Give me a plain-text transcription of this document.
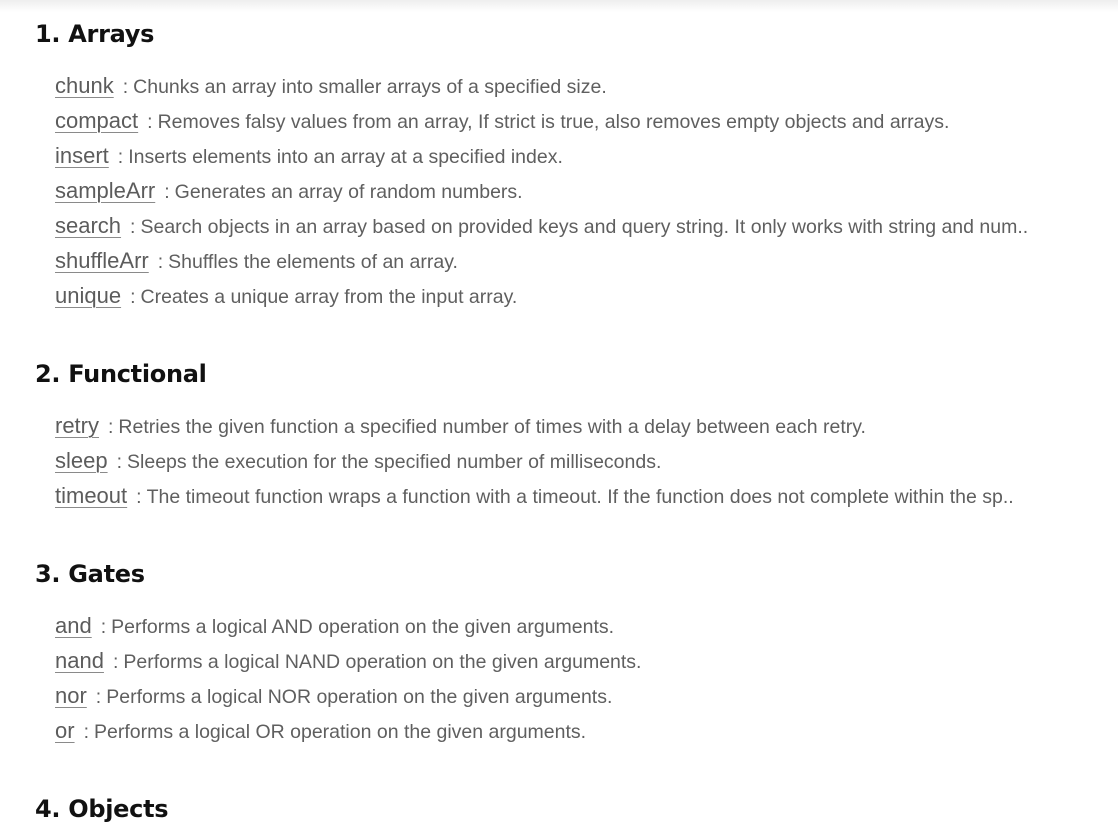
1. Arrays
chunk : Chunks an array into smaller arrays of a specified size.
compact : Removes falsy values from an array, If strict is true, also removes empty objects and arrays.
insert : Inserts elements into an array at a specified index.
sampleArr : Generates an array of random numbers.
search : Search objects in an array based on provided keys and query string. It only works with string and num..
shuffleArr : Shuffles the elements of an array.
unique : Creates a unique array from the input array.
2. Functional
retry : Retries the given function a specified number of times with a delay between each retry.
sleep : Sleeps the execution for the specified number of milliseconds.
timeout : The timeout function wraps a function with a timeout. If the function does not complete within the sp..
3. Gates
and : Performs a logical AND operation on the given arguments.
nand : Performs a logical NAND operation on the given arguments.
nor : Performs a logical NOR operation on the given arguments.
or : Performs a logical OR operation on the given arguments.
4. Objects
